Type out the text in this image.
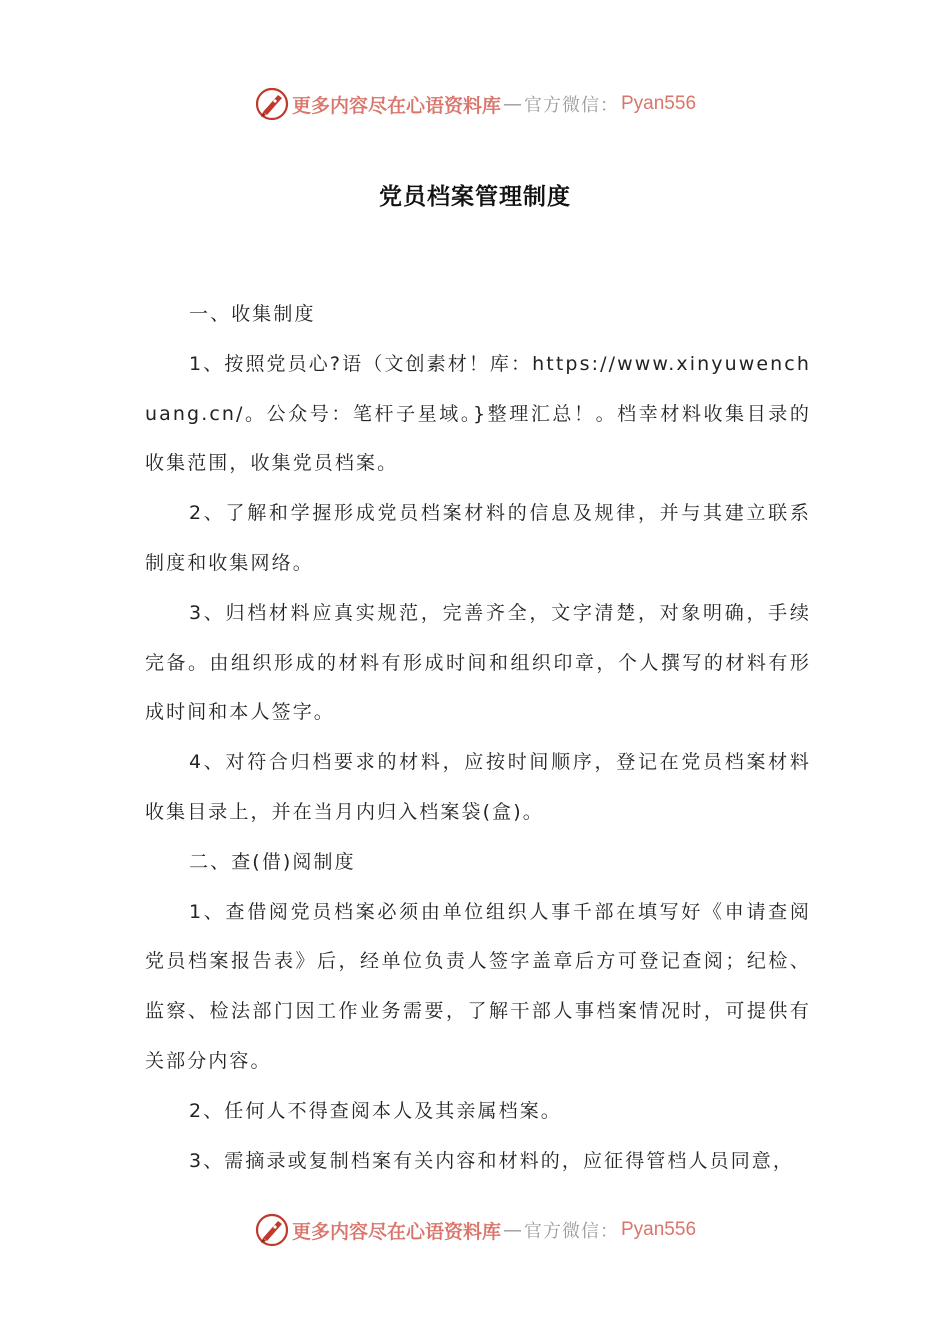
更多内容尽在心语资料库 — 官方微信： Pyan556
党员档案管理制度

一、收集制度

1、按照党员心?语（文创素材！库：https://www.xinyuwenchuang.cn/。公众号：笔杆子星域。}整理汇总！。档幸材料收集目录的收集范围，收集党员档案。

2、了解和学握形成党员档案材料的信息及规律，并与其建立联系制度和收集网络。

3、归档材料应真实规范，完善齐全，文字清楚，对象明确，手续完备。由组织形成的材料有形成时间和组织印章，个人撰写的材料有形成时间和本人签字。

4、对符合归档要求的材料，应按时间顺序，登记在党员档案材料收集目录上，并在当月内归入档案袋(盒)。

二、查(借)阅制度

1、查借阅党员档案必须由单位组织人事千部在填写好《申请查阅党员档案报告表》后，经单位负责人签字盖章后方可登记查阅；纪检、监察、检法部门因工作业务需要，了解干部人事档案情况时，可提供有关部分内容。

2、任何人不得查阅本人及其亲属档案。

3、需摘录或复制档案有关内容和材料的，应征得管档人员同意，

更多内容尽在心语资料库 — 官方微信： Pyan556
